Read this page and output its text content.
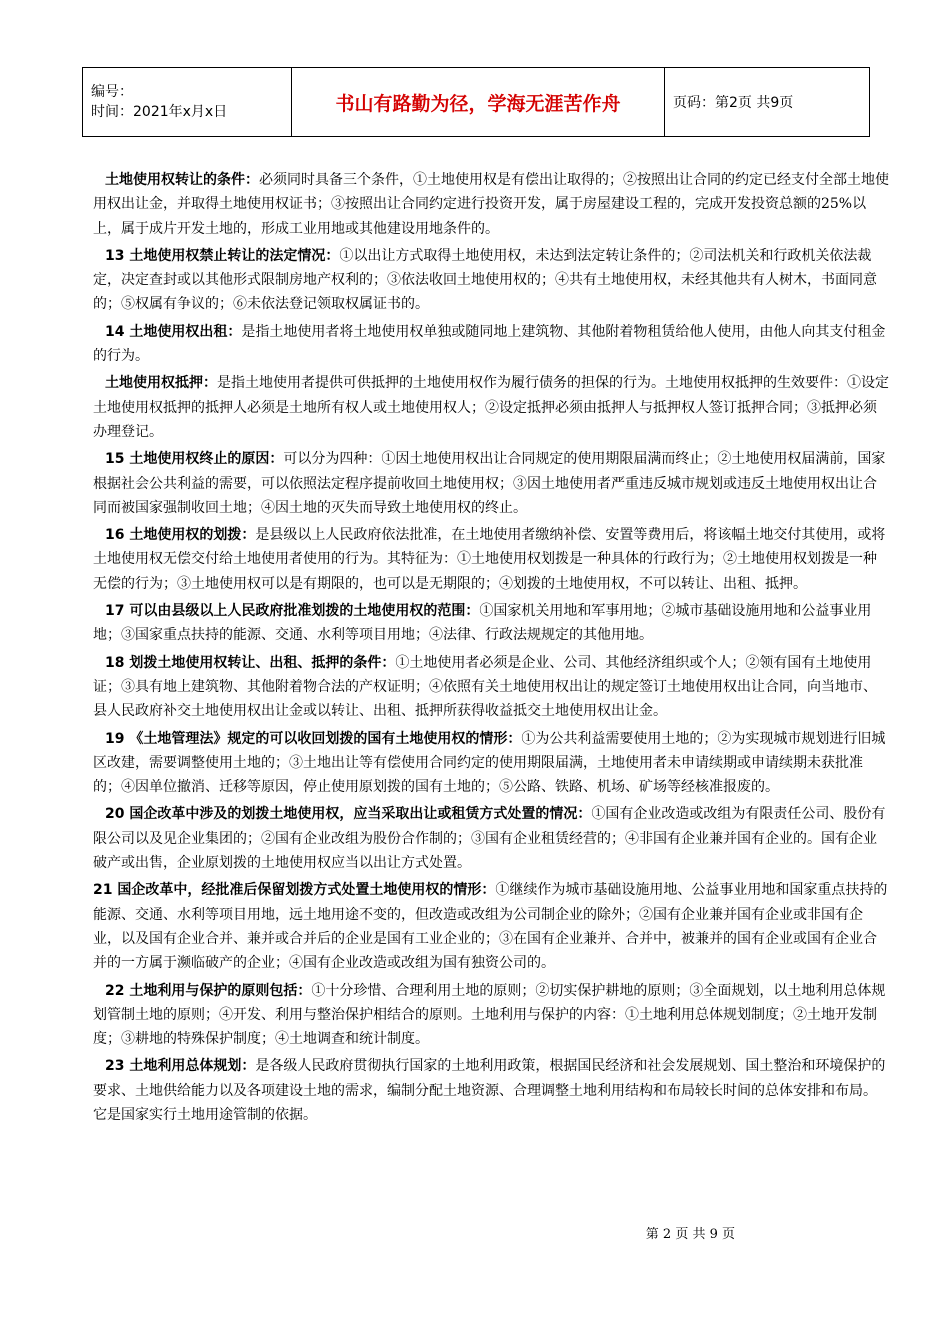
编号：
时间：2021年x月x日	书山有路勤为径，学海无涯苦作舟	页码：第2页 共9页

土地使用权转让的条件：必须同时具备三个条件，①土地使用权是有偿出让取得的；②按照出让合同的约定已经支付全部土地使用权出让金，并取得土地使用权证书；③按照出让合同约定进行投资开发，属于房屋建设工程的，完成开发投资总额的25%以上，属于成片开发土地的，形成工业用地或其他建设用地条件的。

13 土地使用权禁止转让的法定情况：①以出让方式取得土地使用权，未达到法定转让条件的；②司法机关和行政机关依法裁定，决定查封或以其他形式限制房地产权利的；③依法收回土地使用权的；④共有土地使用权，未经其他共有人树木，书面同意的；⑤权属有争议的；⑥未依法登记领取权属证书的。

14 土地使用权出租：是指土地使用者将土地使用权单独或随同地上建筑物、其他附着物租赁给他人使用，由他人向其支付租金的行为。

土地使用权抵押：是指土地使用者提供可供抵押的土地使用权作为履行债务的担保的行为。土地使用权抵押的生效要件：①设定土地使用权抵押的抵押人必须是土地所有权人或土地使用权人；②设定抵押必须由抵押人与抵押权人签订抵押合同；③抵押必须办理登记。

15 土地使用权终止的原因：可以分为四种：①因土地使用权出让合同规定的使用期限届满而终止；②土地使用权届满前，国家根据社会公共利益的需要，可以依照法定程序提前收回土地使用权；③因土地使用者严重违反城市规划或违反土地使用权出让合同而被国家强制收回土地；④因土地的灭失而导致土地使用权的终止。

16 土地使用权的划拨：是县级以上人民政府依法批准，在土地使用者缴纳补偿、安置等费用后，将该幅土地交付其使用，或将土地使用权无偿交付给土地使用者使用的行为。其特征为：①土地使用权划拨是一种具体的行政行为；②土地使用权划拨是一种无偿的行为；③土地使用权可以是有期限的，也可以是无期限的；④划拨的土地使用权，不可以转让、出租、抵押。

17 可以由县级以上人民政府批准划拨的土地使用权的范围：①国家机关用地和军事用地；②城市基础设施用地和公益事业用地；③国家重点扶持的能源、交通、水利等项目用地；④法律、行政法规规定的其他用地。

18 划拨土地使用权转让、出租、抵押的条件：①土地使用者必须是企业、公司、其他经济组织或个人；②领有国有土地使用证；③具有地上建筑物、其他附着物合法的产权证明；④依照有关土地使用权出让的规定签订土地使用权出让合同，向当地市、县人民政府补交土地使用权出让金或以转让、出租、抵押所获得收益抵交土地使用权出让金。

19 《土地管理法》规定的可以收回划拨的国有土地使用权的情形：①为公共利益需要使用土地的；②为实现城市规划进行旧城区改建，需要调整使用土地的；③土地出让等有偿使用合同约定的使用期限届满，土地使用者未申请续期或申请续期未获批准的；④因单位撤消、迁移等原因，停止使用原划拨的国有土地的；⑤公路、铁路、机场、矿场等经核准报废的。

20 国企改革中涉及的划拨土地使用权，应当采取出让或租赁方式处置的情况：①国有企业改造或改组为有限责任公司、股份有限公司以及见企业集团的；②国有企业改组为股份合作制的；③国有企业租赁经营的；④非国有企业兼并国有企业的。国有企业破产或出售，企业原划拨的土地使用权应当以出让方式处置。

21 国企改革中，经批准后保留划拨方式处置土地使用权的情形：①继续作为城市基础设施用地、公益事业用地和国家重点扶持的能源、交通、水利等项目用地，远土地用途不变的，但改造或改组为公司制企业的除外；②国有企业兼并国有企业或非国有企业，以及国有企业合并、兼并或合并后的企业是国有工业企业的；③在国有企业兼并、合并中，被兼并的国有企业或国有企业合并的一方属于濒临破产的企业；④国有企业改造或改组为国有独资公司的。

22 土地利用与保护的原则包括：①十分珍惜、合理利用土地的原则；②切实保护耕地的原则；③全面规划，以土地利用总体规划管制土地的原则；④开发、利用与整治保护相结合的原则。土地利用与保护的内容：①土地利用总体规划制度；②土地开发制度；③耕地的特殊保护制度；④土地调查和统计制度。

23 土地利用总体规划：是各级人民政府贯彻执行国家的土地利用政策，根据国民经济和社会发展规划、国土整治和环境保护的要求、土地供给能力以及各项建设土地的需求，编制分配土地资源、合理调整土地利用结构和布局较长时间的总体安排和布局。它是国家实行土地用途管制的依据。

第 2 页 共 9 页
